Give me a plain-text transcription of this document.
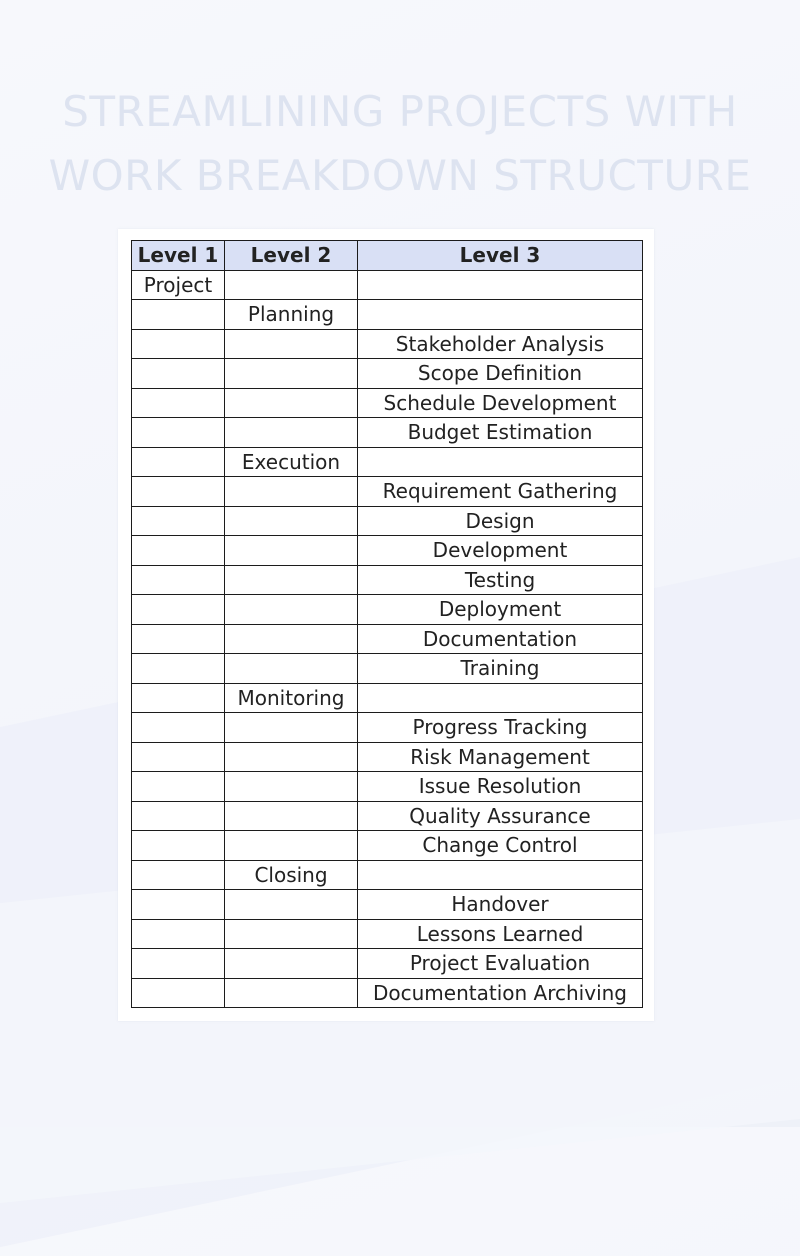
STREAMLINING PROJECTS WITH
WORK BREAKDOWN STRUCTURE
Level 1	Level 2	Level 3
Project		
	Planning	
		Stakeholder Analysis
		Scope Definition
		Schedule Development
		Budget Estimation
	Execution	
		Requirement Gathering
		Design
		Development
		Testing
		Deployment
		Documentation
		Training
	Monitoring	
		Progress Tracking
		Risk Management
		Issue Resolution
		Quality Assurance
		Change Control
	Closing	
		Handover
		Lessons Learned
		Project Evaluation
		Documentation Archiving
